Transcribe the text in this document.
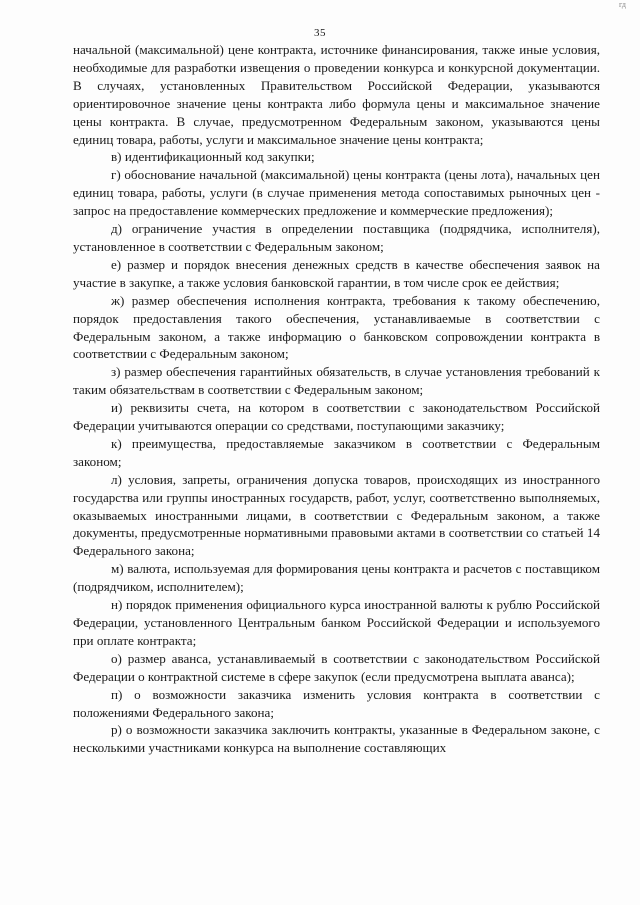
гд
35

начальной (максимальной) цене контракта, источнике финансирования, также иные условия, необходимые для разработки извещения о проведении конкурса и конкурсной документации. В случаях, установленных Правительством Российской Федерации, указываются ориентировочное значение цены контракта либо формула цены и максимальное значение цены контракта. В случае, предусмотренном Федеральным законом, указываются цены единиц товара, работы, услуги и максимальное значение цены контракта;

в) идентификационный код закупки;

г) обоснование начальной (максимальной) цены контракта (цены лота), начальных цен единиц товара, работы, услуги (в случае применения метода сопоставимых рыночных цен - запрос на предоставление коммерческих предложение и коммерческие предложения);

д) ограничение участия в определении поставщика (подрядчика, исполнителя), установленное в соответствии с Федеральным законом;

е) размер и порядок внесения денежных средств в качестве обеспечения заявок на участие в закупке, а также условия банковской гарантии, в том числе срок ее действия;

ж) размер обеспечения исполнения контракта, требования к такому обеспечению, порядок предоставления такого обеспечения, устанавливаемые в соответствии с Федеральным законом, а также информацию о банковском сопровождении контракта в соответствии с Федеральным законом;

з) размер обеспечения гарантийных обязательств, в случае установления требований к таким обязательствам в соответствии с Федеральным законом;

и) реквизиты счета, на котором в соответствии с законодательством Российской Федерации учитываются операции со средствами, поступающими заказчику;

к) преимущества, предоставляемые заказчиком в соответствии с Федеральным законом;

л) условия, запреты, ограничения допуска товаров, происходящих из иностранного государства или группы иностранных государств, работ, услуг, соответственно выполняемых, оказываемых иностранными лицами, в соответствии с Федеральным законом, а также документы, предусмотренные нормативными правовыми актами в соответствии со статьей 14 Федерального закона;

м) валюта, используемая для формирования цены контракта и расчетов с поставщиком (подрядчиком, исполнителем);

н) порядок применения официального курса иностранной валюты к рублю Российской Федерации, установленного Центральным банком Российской Федерации и используемого при оплате контракта;

о) размер аванса, устанавливаемый в соответствии с законодательством Российской Федерации о контрактной системе в сфере закупок (если предусмотрена выплата аванса);

п) о возможности заказчика изменить условия контракта в соответствии с положениями Федерального закона;

р) о возможности заказчика заключить контракты, указанные в Федеральном законе, с несколькими участниками конкурса на выполнение составляющих
